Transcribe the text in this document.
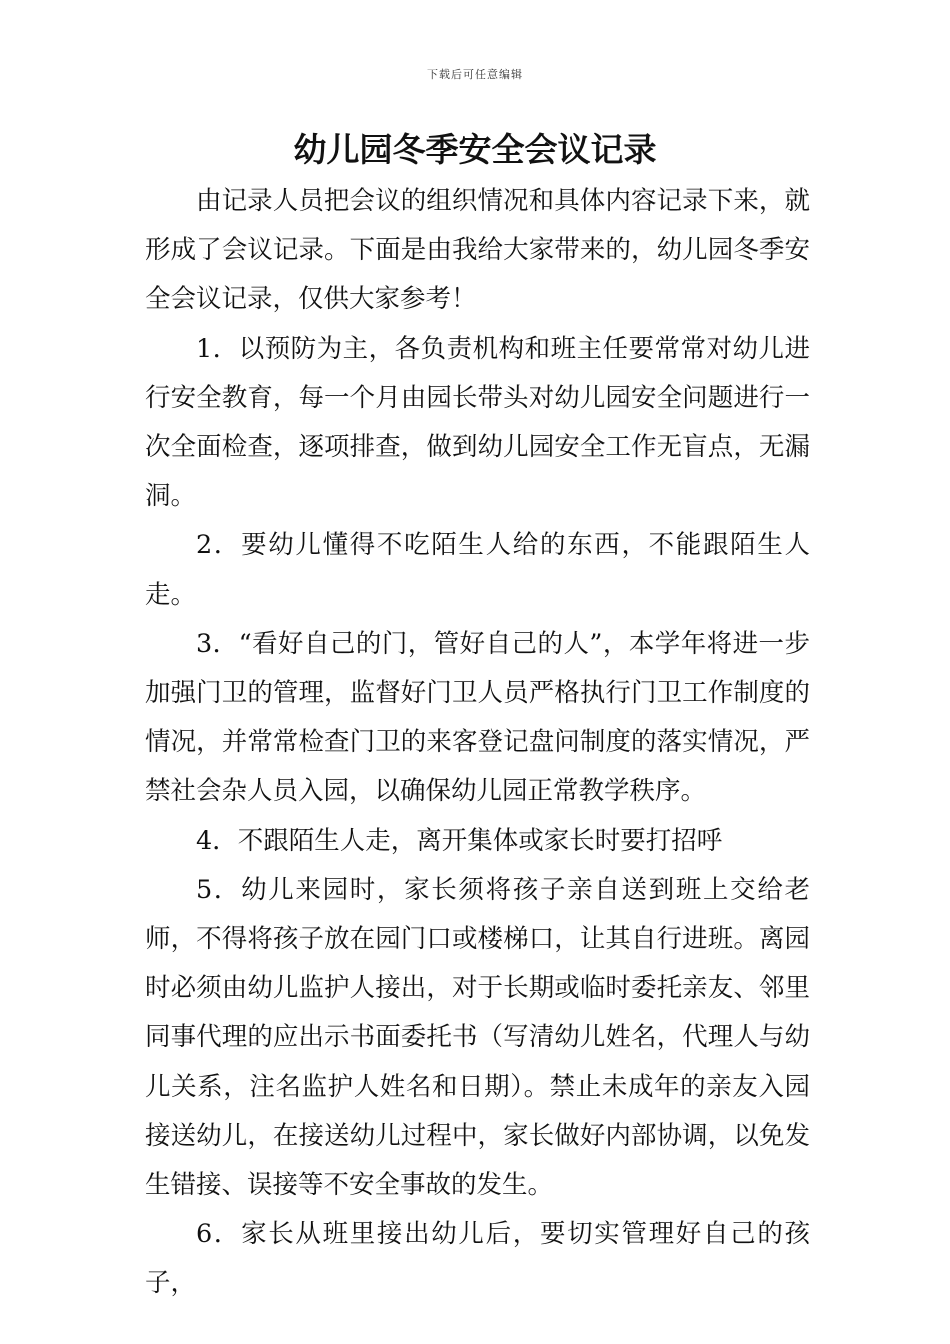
下载后可任意编辑
幼儿园冬季安全会议记录

由记录人员把会议的组织情况和具体内容记录下来，就形成了会议记录。下面是由我给大家带来的，幼儿园冬季安全会议记录，仅供大家参考！

1．以预防为主，各负责机构和班主任要常常对幼儿进行安全教育，每一个月由园长带头对幼儿园安全问题进行一次全面检查，逐项排查，做到幼儿园安全工作无盲点，无漏洞。

2．要幼儿懂得不吃陌生人给的东西，不能跟陌生人走。

3．“看好自己的门，管好自己的人”，本学年将进一步加强门卫的管理，监督好门卫人员严格执行门卫工作制度的情况，并常常检查门卫的来客登记盘问制度的落实情况，严禁社会杂人员入园，以确保幼儿园正常教学秩序。

4．不跟陌生人走，离开集体或家长时要打招呼

5．幼儿来园时，家长须将孩子亲自送到班上交给老师，不得将孩子放在园门口或楼梯口，让其自行进班。离园时必须由幼儿监护人接出，对于长期或临时委托亲友、邻里同事代理的应出示书面委托书（写清幼儿姓名，代理人与幼儿关系，注名监护人姓名和日期）。禁止未成年的亲友入园接送幼儿，在接送幼儿过程中，家长做好内部协调，以免发生错接、误接等不安全事故的发生。

6．家长从班里接出幼儿后，要切实管理好自己的孩子，
